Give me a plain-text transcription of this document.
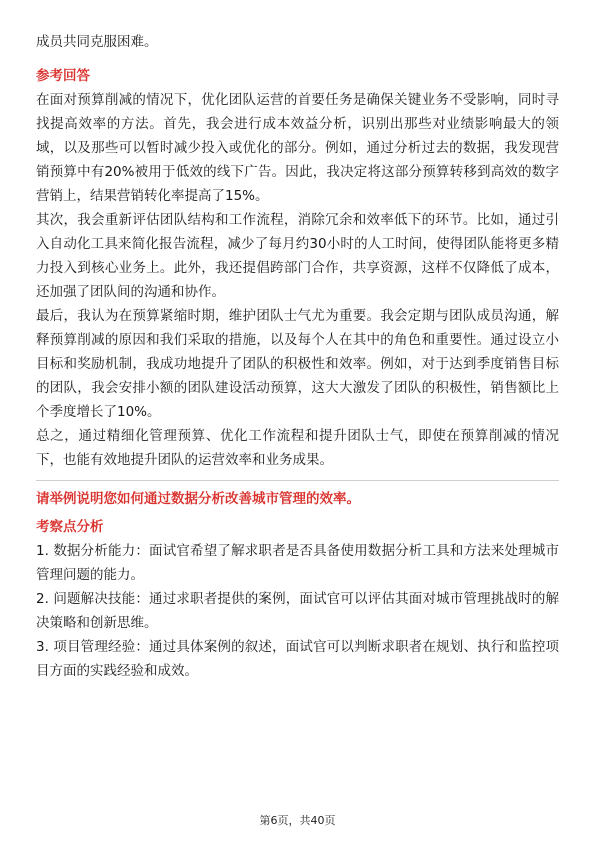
成员共同克服困难。

参考回答

在面对预算削减的情况下，优化团队运营的首要任务是确保关键业务不受影响，同时寻找提高效率的方法。首先，我会进行成本效益分析，识别出那些对业绩影响最大的领域，以及那些可以暂时减少投入或优化的部分。例如，通过分析过去的数据，我发现营销预算中有20%被用于低效的线下广告。因此，我决定将这部分预算转移到高效的数字营销上，结果营销转化率提高了15%。

其次，我会重新评估团队结构和工作流程，消除冗余和效率低下的环节。比如，通过引入自动化工具来简化报告流程，减少了每月约30小时的人工时间，使得团队能将更多精力投入到核心业务上。此外，我还提倡跨部门合作，共享资源，这样不仅降低了成本，还加强了团队间的沟通和协作。

最后，我认为在预算紧缩时期，维护团队士气尤为重要。我会定期与团队成员沟通，解释预算削减的原因和我们采取的措施，以及每个人在其中的角色和重要性。通过设立小目标和奖励机制，我成功地提升了团队的积极性和效率。例如，对于达到季度销售目标的团队，我会安排小额的团队建设活动预算，这大大激发了团队的积极性，销售额比上个季度增长了10%。

总之，通过精细化管理预算、优化工作流程和提升团队士气，即使在预算削减的情况下，也能有效地提升团队的运营效率和业务成果。

请举例说明您如何通过数据分析改善城市管理的效率。

考察点分析

1. 数据分析能力：面试官希望了解求职者是否具备使用数据分析工具和方法来处理城市管理问题的能力。

2. 问题解决技能：通过求职者提供的案例，面试官可以评估其面对城市管理挑战时的解决策略和创新思维。

3. 项目管理经验：通过具体案例的叙述，面试官可以判断求职者在规划、执行和监控项目方面的实践经验和成效。

第6页，共40页
